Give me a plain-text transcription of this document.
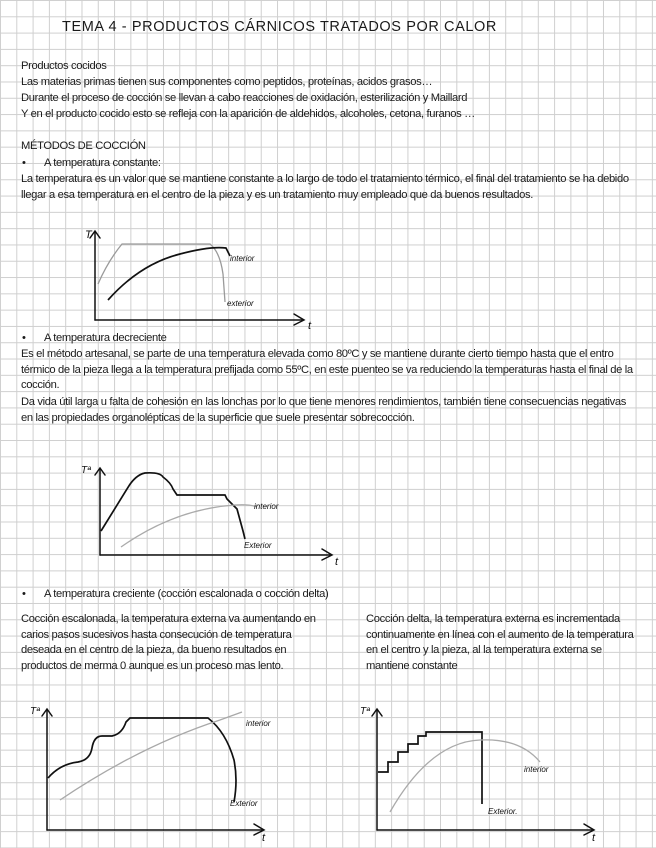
TEMA 4 - PRODUCTOS CÁRNICOS TRATADOS POR CALOR

Productos cocidos

Las materias primas tienen sus componentes como peptidos, proteínas, acidos grasos…

Durante el proceso de cocción se llevan a cabo reacciones de oxidación, esterilización y Maillard

Y en el producto cocido esto se refleja con la aparición de aldehidos, alcoholes, cetona, furanos …

MÉTODOS DE COCCIÓN

• A temperatura constante:

La temperatura es un valor que se mantiene constante a lo largo de todo el tratamiento térmico, el final del tratamiento se ha debido llegar a esa temperatura en el centro de la pieza y es un tratamiento muy empleado que da buenos resultados.

T
t
interior
exterior
• A temperatura decreciente

Es el método artesanal, se parte de una temperatura elevada como 80ºC y se mantiene durante cierto tiempo hasta que el entro térmico de la pieza llega a la temperatura prefijada como 55ºC, en este puenteo se va reduciendo la temperaturas hasta el final de la cocción.

Da vida útil larga u falta de cohesión en las lonchas por lo que tiene menores rendimientos, también tiene consecuencias negativas en las propiedades organolépticas de la superficie que suele presentar sobrecocción.

Tª
t
interior
Exterior
• A temperatura creciente (cocción escalonada o cocción delta)

Cocción escalonada, la temperatura externa va aumentando en carios pasos sucesivos hasta consecución de temperatura deseada en el centro de la pieza, da bueno resultados en productos de merma 0 aunque es un proceso mas lento.

Cocción delta, la temperatura externa es incrementada continuamente en línea con el aumento de la temperatura en el centro y la pieza, al la temperatura externa se mantiene constante

Tª
t
interior
Exterior
Tª
t
interior
Exterior.
